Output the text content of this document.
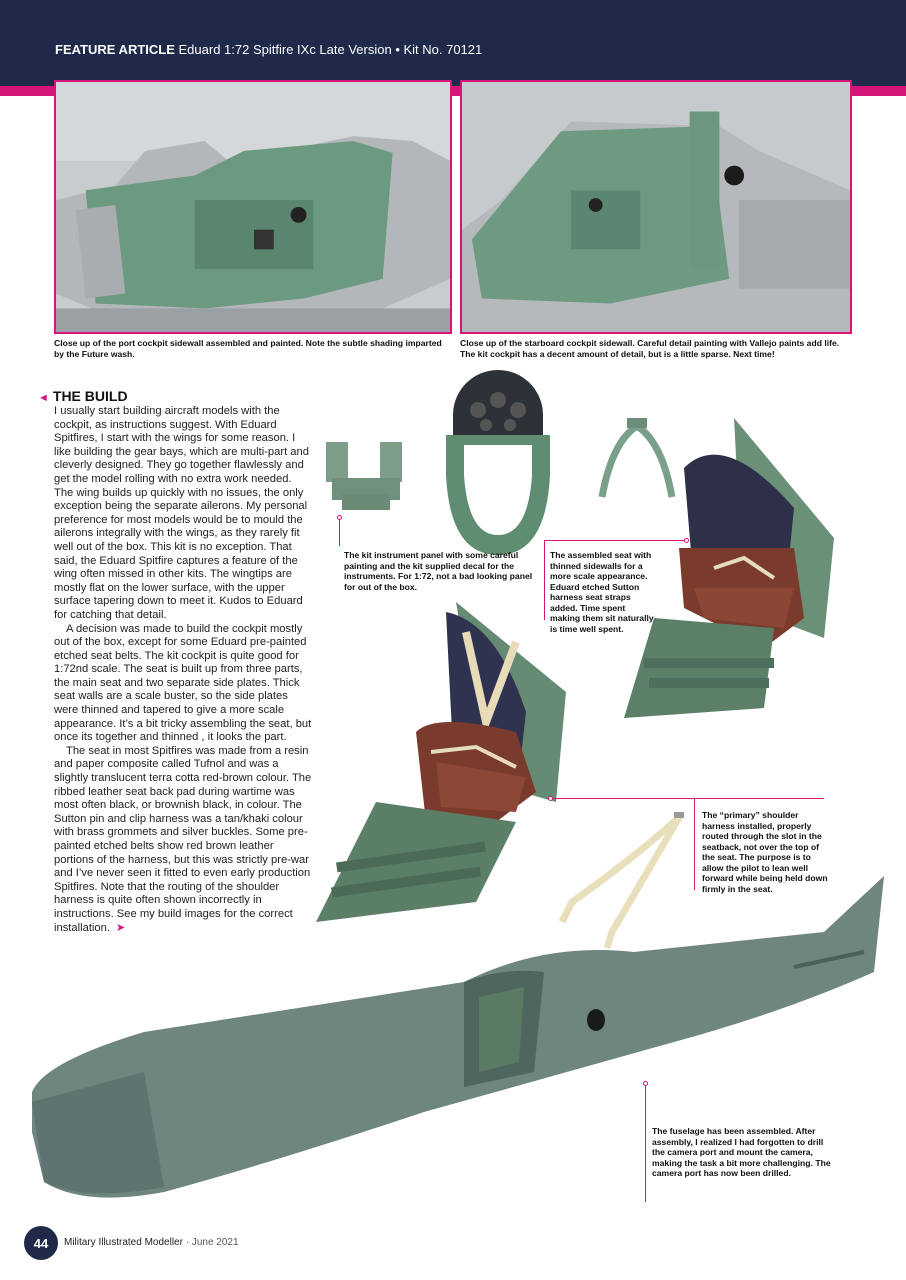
FEATURE ARTICLE Eduard 1:72 Spitfire IXc Late Version • Kit No. 70121
Close up of the port cockpit sidewall assembled and painted. Note the subtle shading imparted by the Future wash.
Close up of the starboard cockpit sidewall. Careful detail painting with Vallejo paints add life. The kit cockpit has a decent amount of detail, but is a little sparse. Next time!
◄ THE BUILD

I usually start building aircraft models with the cockpit, as instructions suggest. With Eduard Spitfires, I start with the wings for some reason. I like building the gear bays, which are multi-part and cleverly designed. They go together flawlessly and get the model rolling with no extra work needed. The wing builds up quickly with no issues, the only exception being the separate ailerons. My personal preference for most models would be to mould the ailerons integrally with the wings, as they rarely fit well out of the box. This kit is no exception. That said, the Eduard Spitfire captures a feature of the wing often missed in other kits. The wingtips are mostly flat on the lower surface, with the upper surface tapering down to meet it. Kudos to Eduard for catching that detail.

A decision was made to build the cockpit mostly out of the box, except for some Eduard pre-painted etched seat belts. The kit cockpit is quite good for 1:72nd scale. The seat is built up from three parts, the main seat and two separate side plates. Thick seat walls are a scale buster, so the side plates were thinned and tapered to give a more scale appearance. It’s a bit tricky assembling the seat, but once its together and thinned , it looks the part.

The seat in most Spitfires was made from a resin and paper composite called Tufnol and was a slightly translucent terra cotta red-brown colour. The ribbed leather seat back pad during wartime was most often black, or brownish black, in colour. The Sutton pin and clip harness was a tan/khaki colour with brass grommets and silver buckles. Some pre-painted etched belts show red brown leather portions of the harness, but this was strictly pre-war and I’ve never seen it fitted to even early production Spitfires. Note that the routing of the shoulder harness is quite often shown incorrectly in instructions. See my build images for the correct installation. ➤

The kit instrument panel with some careful painting and the kit supplied decal for the instruments. For 1:72, not a bad looking panel for out of the box.
The assembled seat with thinned sidewalls for a more scale appearance. Eduard etched Sutton harness seat straps added. Time spent making them sit naturally is time well spent.
The “primary” shoulder harness installed, properly routed through the slot in the seatback, not over the top of the seat. The purpose is to allow the pilot to lean well forward while being held down firmly in the seat.
The fuselage has been assembled. After assembly, I realized I had forgotten to drill the camera port and mount the camera, making the task a bit more challenging. The camera port has now been drilled.
44 Military Illustrated Modeller · June 2021
